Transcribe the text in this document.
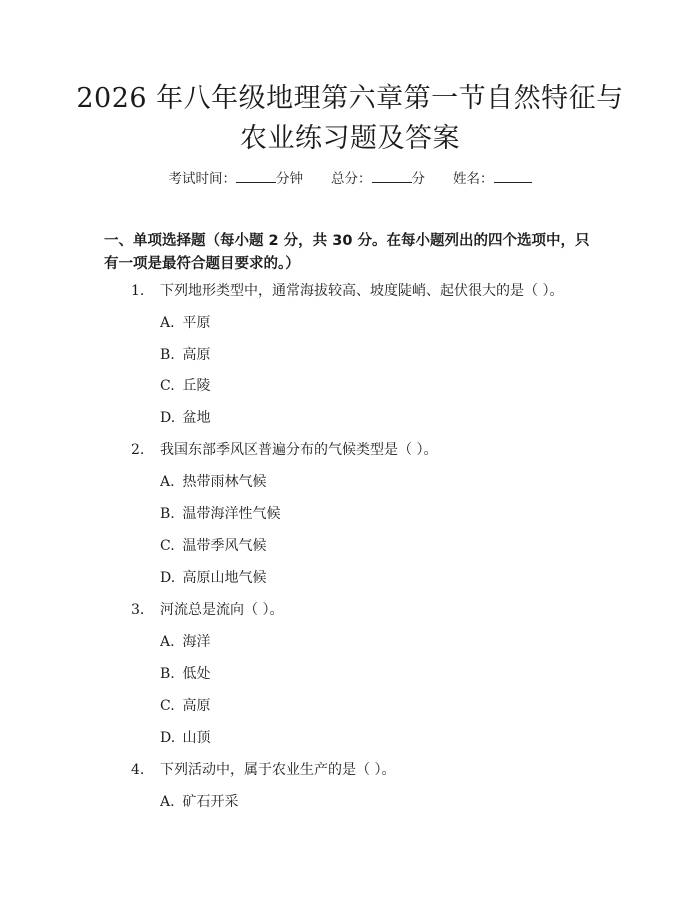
2026 年八年级地理第六章第一节自然特征与
农业练习题及答案
考试时间：	分钟 总分：	分 姓名：
一、单项选择题（每小题 2 分，共 30 分。在每小题列出的四个选项中，只有一项是最符合题目要求的。）
1.	下列地形类型中，通常海拔较高、坡度陡峭、起伏很大的是（ ）。
A. 平原
B. 高原
C. 丘陵
D. 盆地
2.	我国东部季风区普遍分布的气候类型是（ ）。
A. 热带雨林气候
B. 温带海洋性气候
C. 温带季风气候
D. 高原山地气候
3.	河流总是流向（ ）。
A. 海洋
B. 低处
C. 高原
D. 山顶
4.	下列活动中，属于农业生产的是（ ）。
A. 矿石开采
